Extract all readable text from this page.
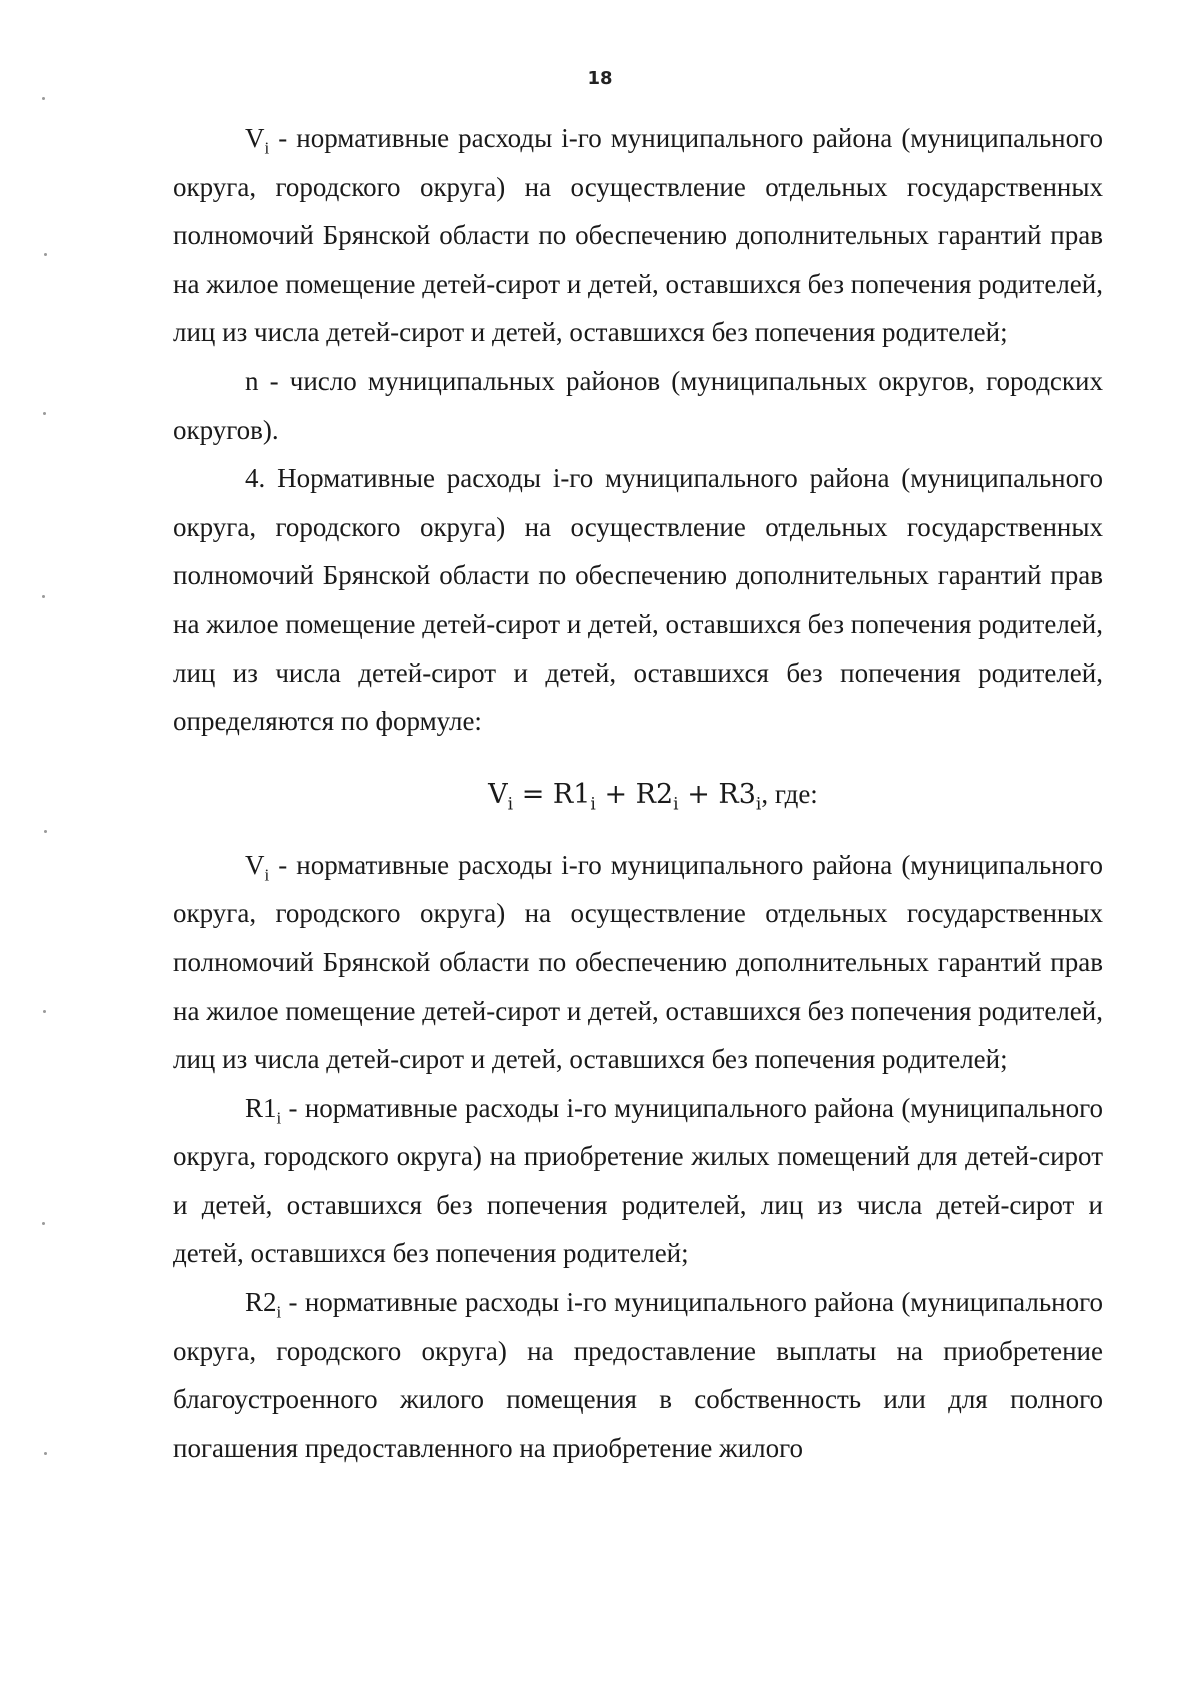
18

$V_i$ - нормативные расходы i-го муниципального района (муниципального округа, городского округа) на осуществление отдельных государственных полномочий Брянской области по обеспечению дополнительных гарантий прав на жилое помещение детей-сирот и детей, оставшихся без попечения родителей, лиц из числа детей-сирот и детей, оставшихся без попечения родителей;

n - число муниципальных районов (муниципальных округов, городских округов).

4. Нормативные расходы i-го муниципального района (муниципального округа, городского округа) на осуществление отдельных государственных полномочий Брянской области по обеспечению дополнительных гарантий прав на жилое помещение детей-сирот и детей, оставшихся без попечения родителей, лиц из числа детей-сирот и детей, оставшихся без попечения родителей, определяются по формуле:

$V_i = R1_i + R2_i + R3_i$, где:

$V_i$ - нормативные расходы i-го муниципального района (муниципального округа, городского округа) на осуществление отдельных государственных полномочий Брянской области по обеспечению дополнительных гарантий прав на жилое помещение детей-сирот и детей, оставшихся без попечения родителей, лиц из числа детей-сирот и детей, оставшихся без попечения родителей;

$R1_i$ - нормативные расходы i-го муниципального района (муниципального округа, городского округа) на приобретение жилых помещений для детей-сирот и детей, оставшихся без попечения родителей, лиц из числа детей-сирот и детей, оставшихся без попечения родителей;

$R2_i$ - нормативные расходы i-го муниципального района (муниципального округа, городского округа) на предоставление выплаты на приобретение благоустроенного жилого помещения в собственность или для полного погашения предоставленного на приобретение жилого
